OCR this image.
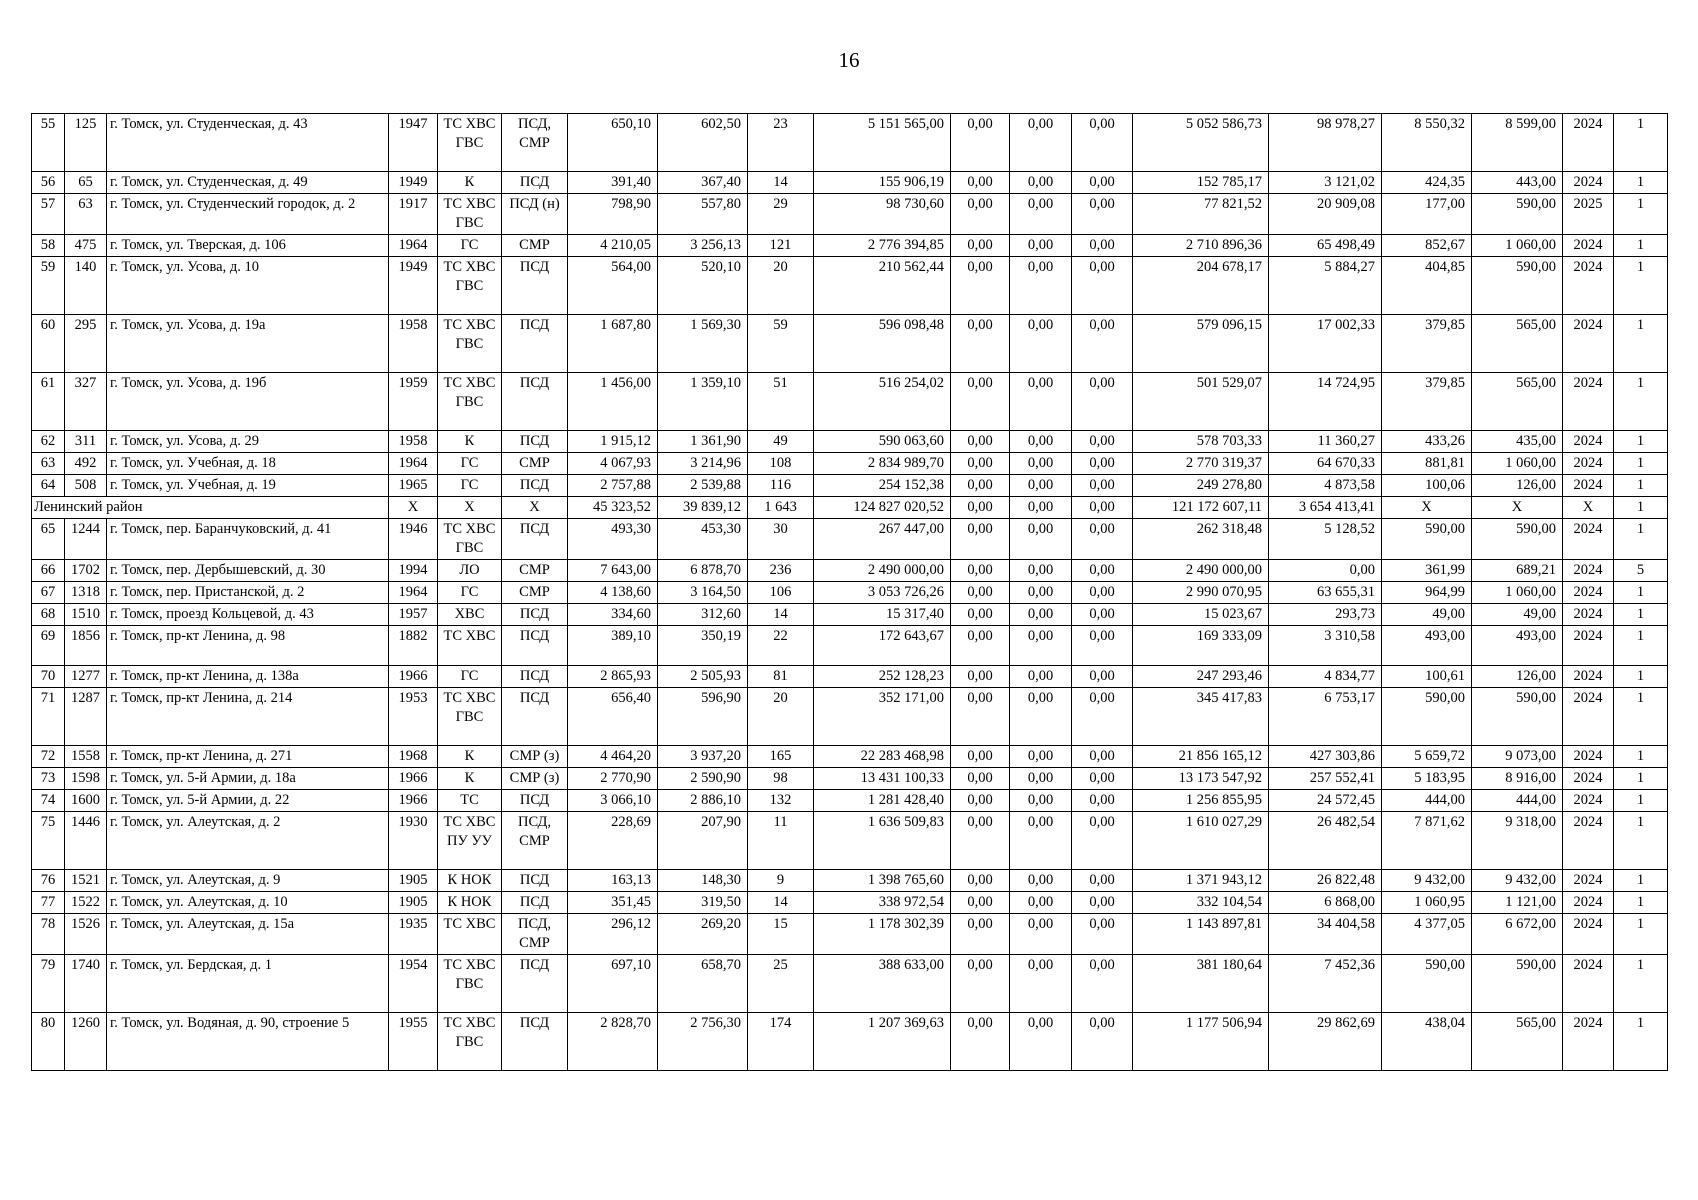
16
55	125	г. Томск, ул. Студенческая, д. 43	1947	ТС ХВС ГВС	ПСД, СМР	650,10	602,50	23	5 151 565,00	0,00	0,00	0,00	5 052 586,73	98 978,27	8 550,32	8 599,00	2024	1
56	65	г. Томск, ул. Студенческая, д. 49	1949	К	ПСД	391,40	367,40	14	155 906,19	0,00	0,00	0,00	152 785,17	3 121,02	424,35	443,00	2024	1
57	63	г. Томск, ул. Студенческий городок, д. 2	1917	ТС ХВС ГВС	ПСД (н)	798,90	557,80	29	98 730,60	0,00	0,00	0,00	77 821,52	20 909,08	177,00	590,00	2025	1
58	475	г. Томск, ул. Тверская, д. 106	1964	ГС	СМР	4 210,05	3 256,13	121	2 776 394,85	0,00	0,00	0,00	2 710 896,36	65 498,49	852,67	1 060,00	2024	1
59	140	г. Томск, ул. Усова, д. 10	1949	ТС ХВС ГВС	ПСД	564,00	520,10	20	210 562,44	0,00	0,00	0,00	204 678,17	5 884,27	404,85	590,00	2024	1
60	295	г. Томск, ул. Усова, д. 19а	1958	ТС ХВС ГВС	ПСД	1 687,80	1 569,30	59	596 098,48	0,00	0,00	0,00	579 096,15	17 002,33	379,85	565,00	2024	1
61	327	г. Томск, ул. Усова, д. 19б	1959	ТС ХВС ГВС	ПСД	1 456,00	1 359,10	51	516 254,02	0,00	0,00	0,00	501 529,07	14 724,95	379,85	565,00	2024	1
62	311	г. Томск, ул. Усова, д. 29	1958	К	ПСД	1 915,12	1 361,90	49	590 063,60	0,00	0,00	0,00	578 703,33	11 360,27	433,26	435,00	2024	1
63	492	г. Томск, ул. Учебная, д. 18	1964	ГС	СМР	4 067,93	3 214,96	108	2 834 989,70	0,00	0,00	0,00	2 770 319,37	64 670,33	881,81	1 060,00	2024	1
64	508	г. Томск, ул. Учебная, д. 19	1965	ГС	ПСД	2 757,88	2 539,88	116	254 152,38	0,00	0,00	0,00	249 278,80	4 873,58	100,06	126,00	2024	1
Ленинский район			X	X	X	45 323,52	39 839,12	1 643	124 827 020,52	0,00	0,00	0,00	121 172 607,11	3 654 413,41	X	X	X	1
65	1244	г. Томск, пер. Баранчуковский, д. 41	1946	ТС ХВС ГВС	ПСД	493,30	453,30	30	267 447,00	0,00	0,00	0,00	262 318,48	5 128,52	590,00	590,00	2024	1
66	1702	г. Томск, пер. Дербышевский, д. 30	1994	ЛО	СМР	7 643,00	6 878,70	236	2 490 000,00	0,00	0,00	0,00	2 490 000,00	0,00	361,99	689,21	2024	5
67	1318	г. Томск, пер. Пристанской, д. 2	1964	ГС	СМР	4 138,60	3 164,50	106	3 053 726,26	0,00	0,00	0,00	2 990 070,95	63 655,31	964,99	1 060,00	2024	1
68	1510	г. Томск, проезд Кольцевой, д. 43	1957	ХВС	ПСД	334,60	312,60	14	15 317,40	0,00	0,00	0,00	15 023,67	293,73	49,00	49,00	2024	1
69	1856	г. Томск, пр-кт Ленина, д. 98	1882	ТС ХВС	ПСД	389,10	350,19	22	172 643,67	0,00	0,00	0,00	169 333,09	3 310,58	493,00	493,00	2024	1
70	1277	г. Томск, пр-кт Ленина, д. 138а	1966	ГС	ПСД	2 865,93	2 505,93	81	252 128,23	0,00	0,00	0,00	247 293,46	4 834,77	100,61	126,00	2024	1
71	1287	г. Томск, пр-кт Ленина, д. 214	1953	ТС ХВС ГВС	ПСД	656,40	596,90	20	352 171,00	0,00	0,00	0,00	345 417,83	6 753,17	590,00	590,00	2024	1
72	1558	г. Томск, пр-кт Ленина, д. 271	1968	К	СМР (з)	4 464,20	3 937,20	165	22 283 468,98	0,00	0,00	0,00	21 856 165,12	427 303,86	5 659,72	9 073,00	2024	1
73	1598	г. Томск, ул. 5-й Армии, д. 18а	1966	К	СМР (з)	2 770,90	2 590,90	98	13 431 100,33	0,00	0,00	0,00	13 173 547,92	257 552,41	5 183,95	8 916,00	2024	1
74	1600	г. Томск, ул. 5-й Армии, д. 22	1966	ТС	ПСД	3 066,10	2 886,10	132	1 281 428,40	0,00	0,00	0,00	1 256 855,95	24 572,45	444,00	444,00	2024	1
75	1446	г. Томск, ул. Алеутская, д. 2	1930	ТС ХВС ПУ УУ	ПСД, СМР	228,69	207,90	11	1 636 509,83	0,00	0,00	0,00	1 610 027,29	26 482,54	7 871,62	9 318,00	2024	1
76	1521	г. Томск, ул. Алеутская, д. 9	1905	К НОК	ПСД	163,13	148,30	9	1 398 765,60	0,00	0,00	0,00	1 371 943,12	26 822,48	9 432,00	9 432,00	2024	1
77	1522	г. Томск, ул. Алеутская, д. 10	1905	К НОК	ПСД	351,45	319,50	14	338 972,54	0,00	0,00	0,00	332 104,54	6 868,00	1 060,95	1 121,00	2024	1
78	1526	г. Томск, ул. Алеутская, д. 15а	1935	ТС ХВС	ПСД, СМР	296,12	269,20	15	1 178 302,39	0,00	0,00	0,00	1 143 897,81	34 404,58	4 377,05	6 672,00	2024	1
79	1740	г. Томск, ул. Бердская, д. 1	1954	ТС ХВС ГВС	ПСД	697,10	658,70	25	388 633,00	0,00	0,00	0,00	381 180,64	7 452,36	590,00	590,00	2024	1
80	1260	г. Томск, ул. Водяная, д. 90, строение 5	1955	ТС ХВС ГВС	ПСД	2 828,70	2 756,30	174	1 207 369,63	0,00	0,00	0,00	1 177 506,94	29 862,69	438,04	565,00	2024	1
